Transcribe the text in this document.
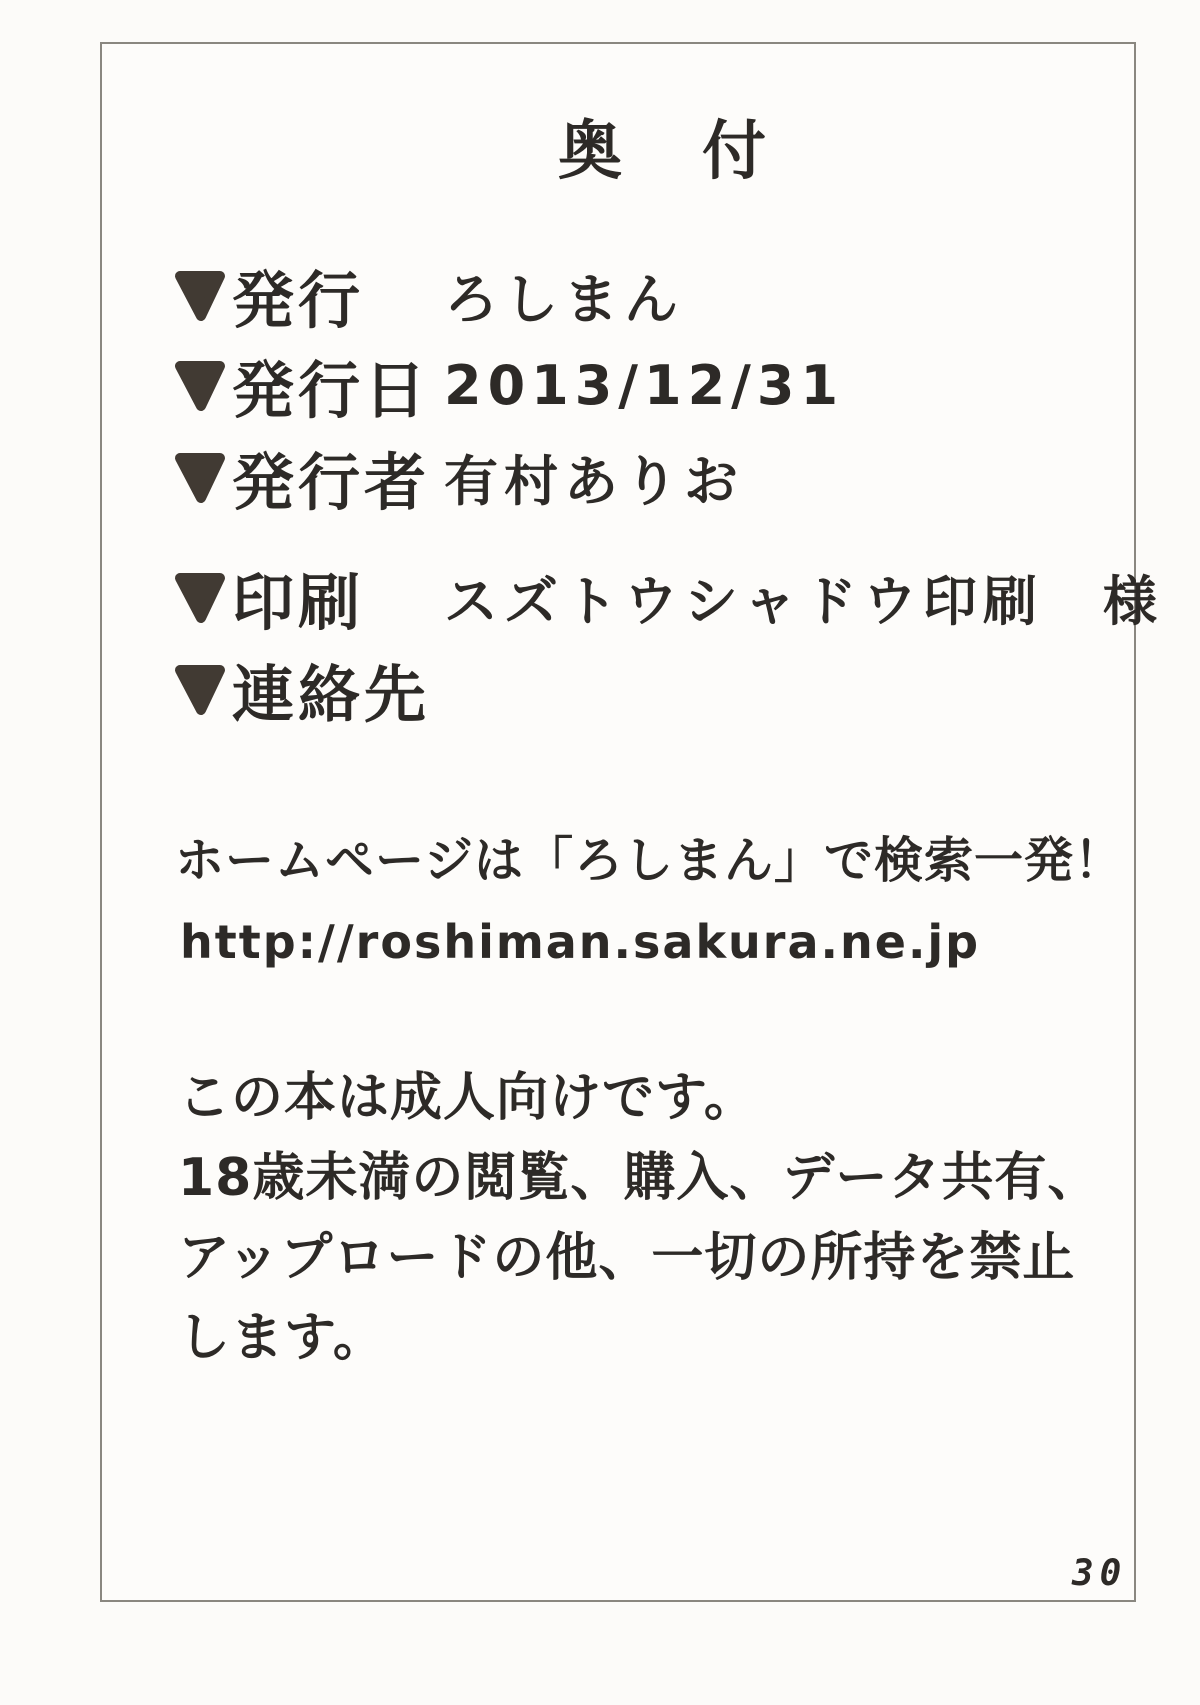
奥　付
発行 ろしまん
発行日 2013/12/31
発行者 有村ありお
印刷 スズトウシャドウ印刷　様
連絡先
ホームページは「ろしまん」で検索一発！
http://roshiman.sakura.ne.jp
この本は成人向けです。
18歳未満の閲覧、購入、データ共有、
アップロードの他、一切の所持を禁止
します。
30
